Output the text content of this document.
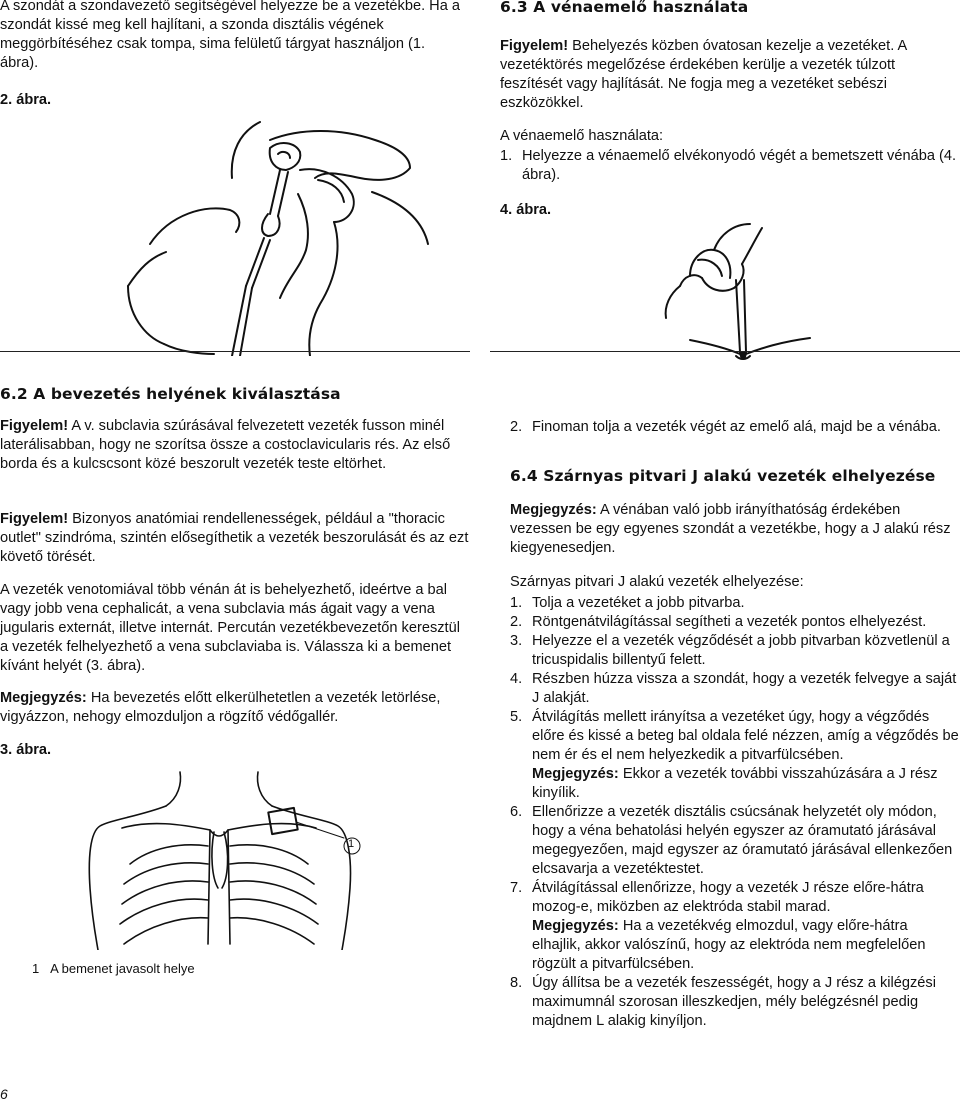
A szondát a szondavezető segítségével helyezze be a vezetékbe. Ha a szondát kissé meg kell hajlítani, a szonda disztális végének meggörbítéséhez csak tompa, sima felületű tárgyat használjon (1. ábra).

2. ábra.

6.3 A vénaemelő használata

Figyelem! Behelyezés közben óvatosan kezelje a vezetéket. A vezetéktörés megelőzése érdekében kerülje a vezeték túlzott feszítését vagy hajlítását. Ne fogja meg a vezetéket sebészi eszközökkel.

A vénaemelő használata:

1. Helyezze a vénaemelő elvékonyodó végét a bemetszett vénába (4. ábra).

4. ábra.

6.2 A bevezetés helyének kiválasztása

Figyelem! A v. subclavia szúrásával felvezetett vezeték fusson minél laterálisabban, hogy ne szorítsa össze a costoclavicularis rés. Az első borda és a kulcscsont közé beszorult vezeték teste eltörhet.

Figyelem! Bizonyos anatómiai rendellenességek, például a "thoracic outlet" szindróma, szintén elősegíthetik a vezeték beszorulását és az ezt követő törését.

A vezeték venotomiával több vénán át is behelyezhető, ideértve a bal vagy jobb vena cephalicát, a vena subclavia más ágait vagy a vena jugularis externát, illetve internát. Percután vezetékbevezetőn keresztül a vezeték felhelyezhető a vena subclaviaba is. Válassza ki a bemenet kívánt helyét (3. ábra).

Megjegyzés: Ha bevezetés előtt elkerülhetetlen a vezeték letörlése, vigyázzon, nehogy elmozduljon a rögzítő védőgallér.

3. ábra.

1

1 A bemenet javasolt helye

2. Finoman tolja a vezeték végét az emelő alá, majd be a vénába.

6.4 Szárnyas pitvari J alakú vezeték elhelyezése

Megjegyzés: A vénában való jobb irányíthatóság érdekében vezessen be egy egyenes szondát a vezetékbe, hogy a J alakú rész kiegyenesedjen.

Szárnyas pitvari J alakú vezeték elhelyezése:

1. Tolja a vezetéket a jobb pitvarba.
2. Röntgenátvilágítással segítheti a vezeték pontos elhelyezést.
3. Helyezze el a vezeték végződését a jobb pitvarban közvetlenül a tricuspidalis billentyű felett.
4. Részben húzza vissza a szondát, hogy a vezeték felvegye a saját J alakját.
5. Átvilágítás mellett irányítsa a vezetéket úgy, hogy a végződés előre és kissé a beteg bal oldala felé nézzen, amíg a végződés be nem ér és el nem helyezkedik a pitvarfülcsében.
Megjegyzés: Ekkor a vezeték további visszahúzására a J rész kinyílik.
6. Ellenőrizze a vezeték disztális csúcsának helyzetét oly módon, hogy a véna behatolási helyén egyszer az óramutató járásával megegyezően, majd egyszer az óramutató járásával ellenkezően elcsavarja a vezetéktestet.
7. Átvilágítással ellenőrizze, hogy a vezeték J része előre-hátra mozog-e, miközben az elektróda stabil marad.
Megjegyzés: Ha a vezetékvég elmozdul, vagy előre-hátra elhajlik, akkor valószínű, hogy az elektróda nem megfelelően rögzült a pitvarfülcsében.
8. Úgy állítsa be a vezeték feszességét, hogy a J rész a kilégzési maximumnál szorosan illeszkedjen, mély belégzésnél pedig majdnem L alakig kinyíljon.

6
